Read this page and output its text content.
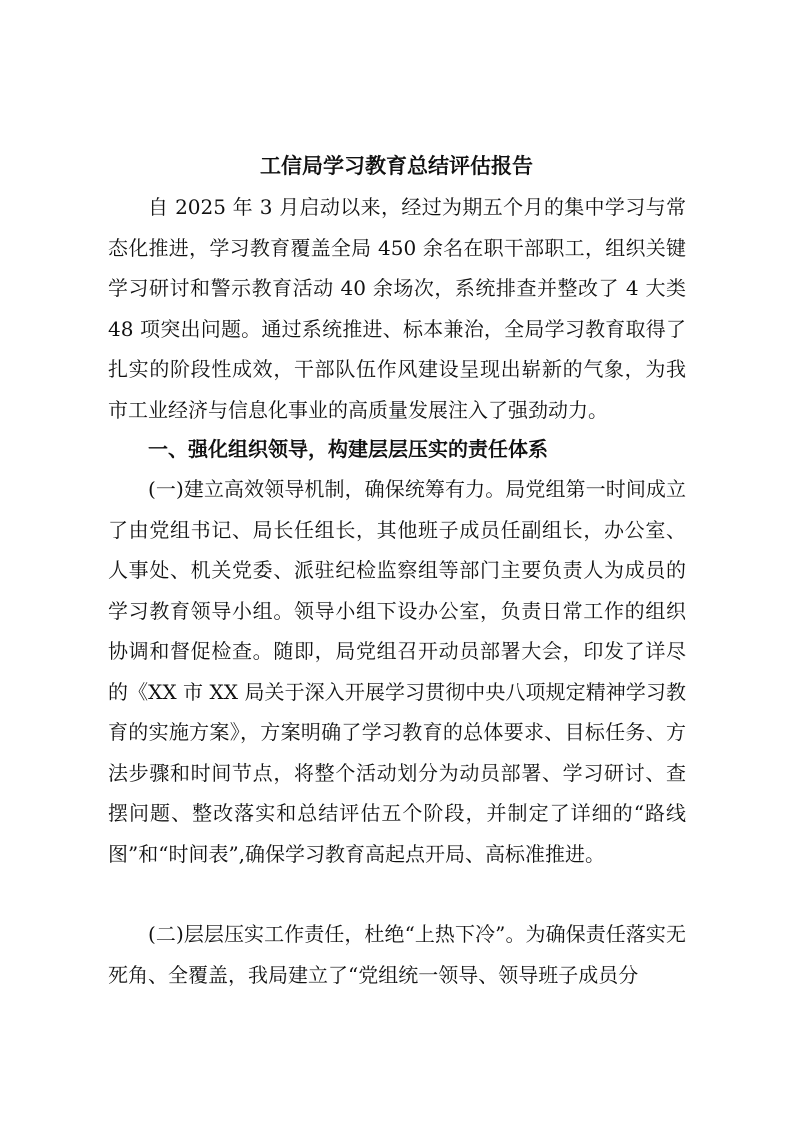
工信局学习教育总结评估报告

自 2025 年 3 月启动以来，经过为期五个月的集中学习与常态化推进，学习教育覆盖全局 450 余名在职干部职工，组织关键学习研讨和警示教育活动 40 余场次，系统排查并整改了 4 大类 48 项突出问题。通过系统推进、标本兼治，全局学习教育取得了扎实的阶段性成效，干部队伍作风建设呈现出崭新的气象，为我市工业经济与信息化事业的高质量发展注入了强劲动力。

一、强化组织领导，构建层层压实的责任体系

(一)建立高效领导机制，确保统筹有力。局党组第一时间成立了由党组书记、局长任组长，其他班子成员任副组长，办公室、人事处、机关党委、派驻纪检监察组等部门主要负责人为成员的学习教育领导小组。领导小组下设办公室，负责日常工作的组织协调和督促检查。随即，局党组召开动员部署大会，印发了详尽的《XX 市 XX 局关于深入开展学习贯彻中央八项规定精神学习教育的实施方案》，方案明确了学习教育的总体要求、目标任务、方法步骤和时间节点，将整个活动划分为动员部署、学习研讨、查摆问题、整改落实和总结评估五个阶段，并制定了详细的“路线图”和“时间表”,确保学习教育高起点开局、高标准推进。

(二)层层压实工作责任，杜绝“上热下冷”。为确保责任落实无死角、全覆盖，我局建立了“党组统一领导、领导班子成员分
